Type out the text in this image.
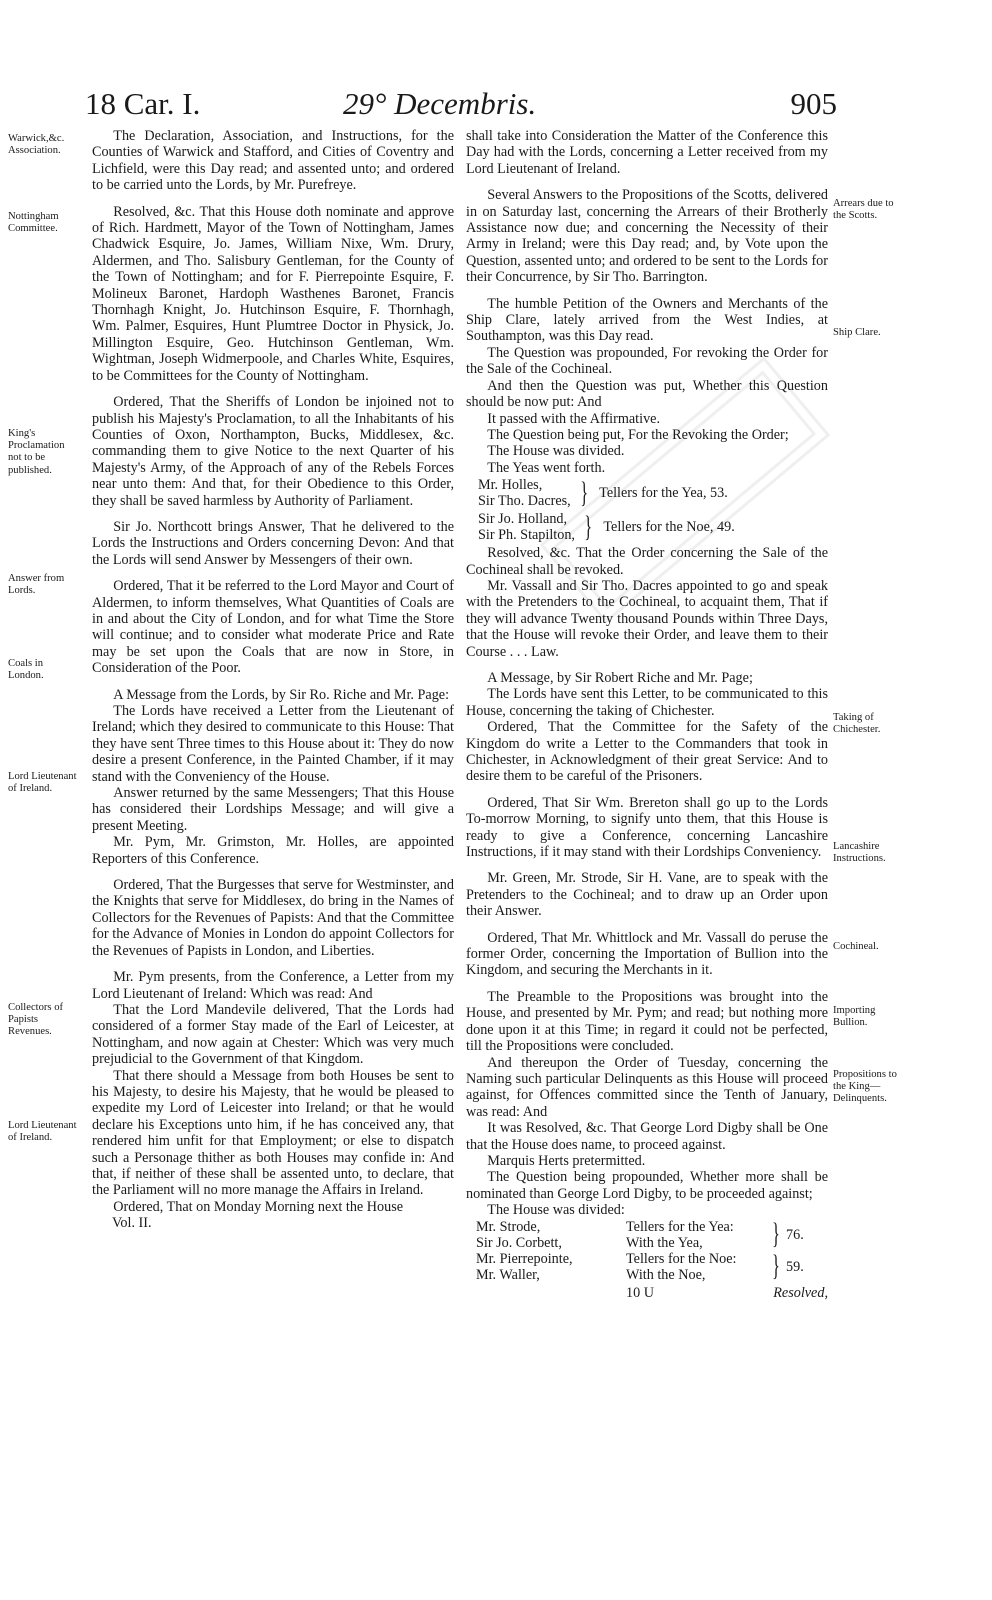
18 Car. I.	29° Decembris.	905
Warwick,&c. Association.
Nottingham Committee.
King's Proclamation not to be published.
Answer from Lords.
Coals in London.
Lord Lieutenant of Ireland.
Collectors of Papists Revenues.
Lord Lieutenant of Ireland.
Arrears due to the Scotts.
Ship Clare.
Taking of Chichester.
Lancashire Instructions.
Cochineal.
Importing Bullion.
Propositions to the King—Delinquents.

The Declaration, Association, and Instructions, for the Counties of Warwick and Stafford, and Cities of Coventry and Lichfield, were this Day read; and assented unto; and ordered to be carried unto the Lords, by Mr. Purefreye.

Resolved, &c. That this House doth nominate and approve of Rich. Hardmett, Mayor of the Town of Nottingham, James Chadwick Esquire, Jo. James, William Nixe, Wm. Drury, Aldermen, and Tho. Salisbury Gentleman, for the County of the Town of Nottingham; and for F. Pierrepointe Esquire, F. Molineux Baronet, Hardoph Wasthenes Baronet, Francis Thornhagh Knight, Jo. Hutchinson Esquire, F. Thornhagh, Wm. Palmer, Esquires, Hunt Plumtree Doctor in Physick, Jo. Millington Esquire, Geo. Hutchinson Gentleman, Wm. Wightman, Joseph Widmerpoole, and Charles White, Esquires, to be Committees for the County of Nottingham.

Ordered, That the Sheriffs of London be injoined not to publish his Majesty's Proclamation, to all the Inhabitants of his Counties of Oxon, Northampton, Bucks, Middlesex, &c. commanding them to give Notice to the next Quarter of his Majesty's Army, of the Approach of any of the Rebels Forces near unto them: And that, for their Obedience to this Order, they shall be saved harmless by Authority of Parliament.

Sir Jo. Northcott brings Answer, That he delivered to the Lords the Instructions and Orders concerning Devon: And that the Lords will send Answer by Messengers of their own.

Ordered, That it be referred to the Lord Mayor and Court of Aldermen, to inform themselves, What Quantities of Coals are in and about the City of London, and for what Time the Store will continue; and to consider what moderate Price and Rate may be set upon the Coals that are now in Store, in Consideration of the Poor.

A Message from the Lords, by Sir Ro. Riche and Mr. Page:

The Lords have received a Letter from the Lieutenant of Ireland; which they desired to communicate to this House: That they have sent Three times to this House about it: They do now desire a present Conference, in the Painted Chamber, if it may stand with the Conveniency of the House.

Answer returned by the same Messengers; That this House has considered their Lordships Message; and will give a present Meeting.

Mr. Pym, Mr. Grimston, Mr. Holles, are appointed Reporters of this Conference.

Ordered, That the Burgesses that serve for Westminster, and the Knights that serve for Middlesex, do bring in the Names of Collectors for the Revenues of Papists: And that the Committee for the Advance of Monies in London do appoint Collectors for the Revenues of Papists in London, and Liberties.

Mr. Pym presents, from the Conference, a Letter from my Lord Lieutenant of Ireland: Which was read: And

That the Lord Mandevile delivered, That the Lords had considered of a former Stay made of the Earl of Leicester, at Nottingham, and now again at Chester: Which was very much prejudicial to the Government of that Kingdom.

That there should a Message from both Houses be sent to his Majesty, to desire his Majesty, that he would be pleased to expedite my Lord of Leicester into Ireland; or that he would declare his Exceptions unto him, if he has conceived any, that rendered him unfit for that Employment; or else to dispatch such a Personage thither as both Houses may confide in: And that, if neither of these shall be assented unto, to declare, that the Parliament will no more manage the Affairs in Ireland.

Ordered, That on Monday Morning next the House

Vol. II.

shall take into Consideration the Matter of the Conference this Day had with the Lords, concerning a Letter received from my Lord Lieutenant of Ireland.

Several Answers to the Propositions of the Scotts, delivered in on Saturday last, concerning the Arrears of their Brotherly Assistance now due; and concerning the Necessity of their Army in Ireland; were this Day read; and, by Vote upon the Question, assented unto; and ordered to be sent to the Lords for their Concurrence, by Sir Tho. Barrington.

The humble Petition of the Owners and Merchants of the Ship Clare, lately arrived from the West Indies, at Southampton, was this Day read.

The Question was propounded, For revoking the Order for the Sale of the Cochineal.

And then the Question was put, Whether this Question should be now put: And

It passed with the Affirmative.

The Question being put, For the Revoking the Order;

The House was divided.

The Yeas went forth.

Mr. Holles,
Sir Tho. Dacres, } Tellers for the Yea, 53.
Sir Jo. Holland,
Sir Ph. Stapilton, } Tellers for the Noe, 49.

Resolved, &c. That the Order concerning the Sale of the Cochineal shall be revoked.

Mr. Vassall and Sir Tho. Dacres appointed to go and speak with the Pretenders to the Cochineal, to acquaint them, That if they will advance Twenty thousand Pounds within Three Days, that the House will revoke their Order, and leave them to their Course . . . Law.

A Message, by Sir Robert Riche and Mr. Page;

The Lords have sent this Letter, to be communicated to this House, concerning the taking of Chichester.

Ordered, That the Committee for the Safety of the Kingdom do write a Letter to the Commanders that took in Chichester, in Acknowledgment of their great Service: And to desire them to be careful of the Prisoners.

Ordered, That Sir Wm. Brereton shall go up to the Lords To-morrow Morning, to signify unto them, that this House is ready to give a Conference, concerning Lancashire Instructions, if it may stand with their Lordships Conveniency.

Mr. Green, Mr. Strode, Sir H. Vane, are to speak with the Pretenders to the Cochineal; and to draw up an Order upon their Answer.

Ordered, That Mr. Whittlock and Mr. Vassall do peruse the former Order, concerning the Importation of Bullion into the Kingdom, and securing the Merchants in it.

The Preamble to the Propositions was brought into the House, and presented by Mr. Pym; and read; but nothing more done upon it at this Time; in regard it could not be perfected, till the Propositions were concluded.

And thereupon the Order of Tuesday, concerning the Naming such particular Delinquents as this House will proceed against, for Offences committed since the Tenth of January, was read: And

It was Resolved, &c. That George Lord Digby shall be One that the House does name, to proceed against.

Marquis Herts pretermitted.

The Question being propounded, Whether more shall be nominated than George Lord Digby, to be proceeded against;

The House was divided:

Mr. Strode,	Tellers for the Yea:	} 76.
Sir Jo. Corbett,	With the Yea,
Mr. Pierrepointe,	Tellers for the Noe:	} 59.
Mr. Waller,	With the Noe,
10 U	Resolved,
